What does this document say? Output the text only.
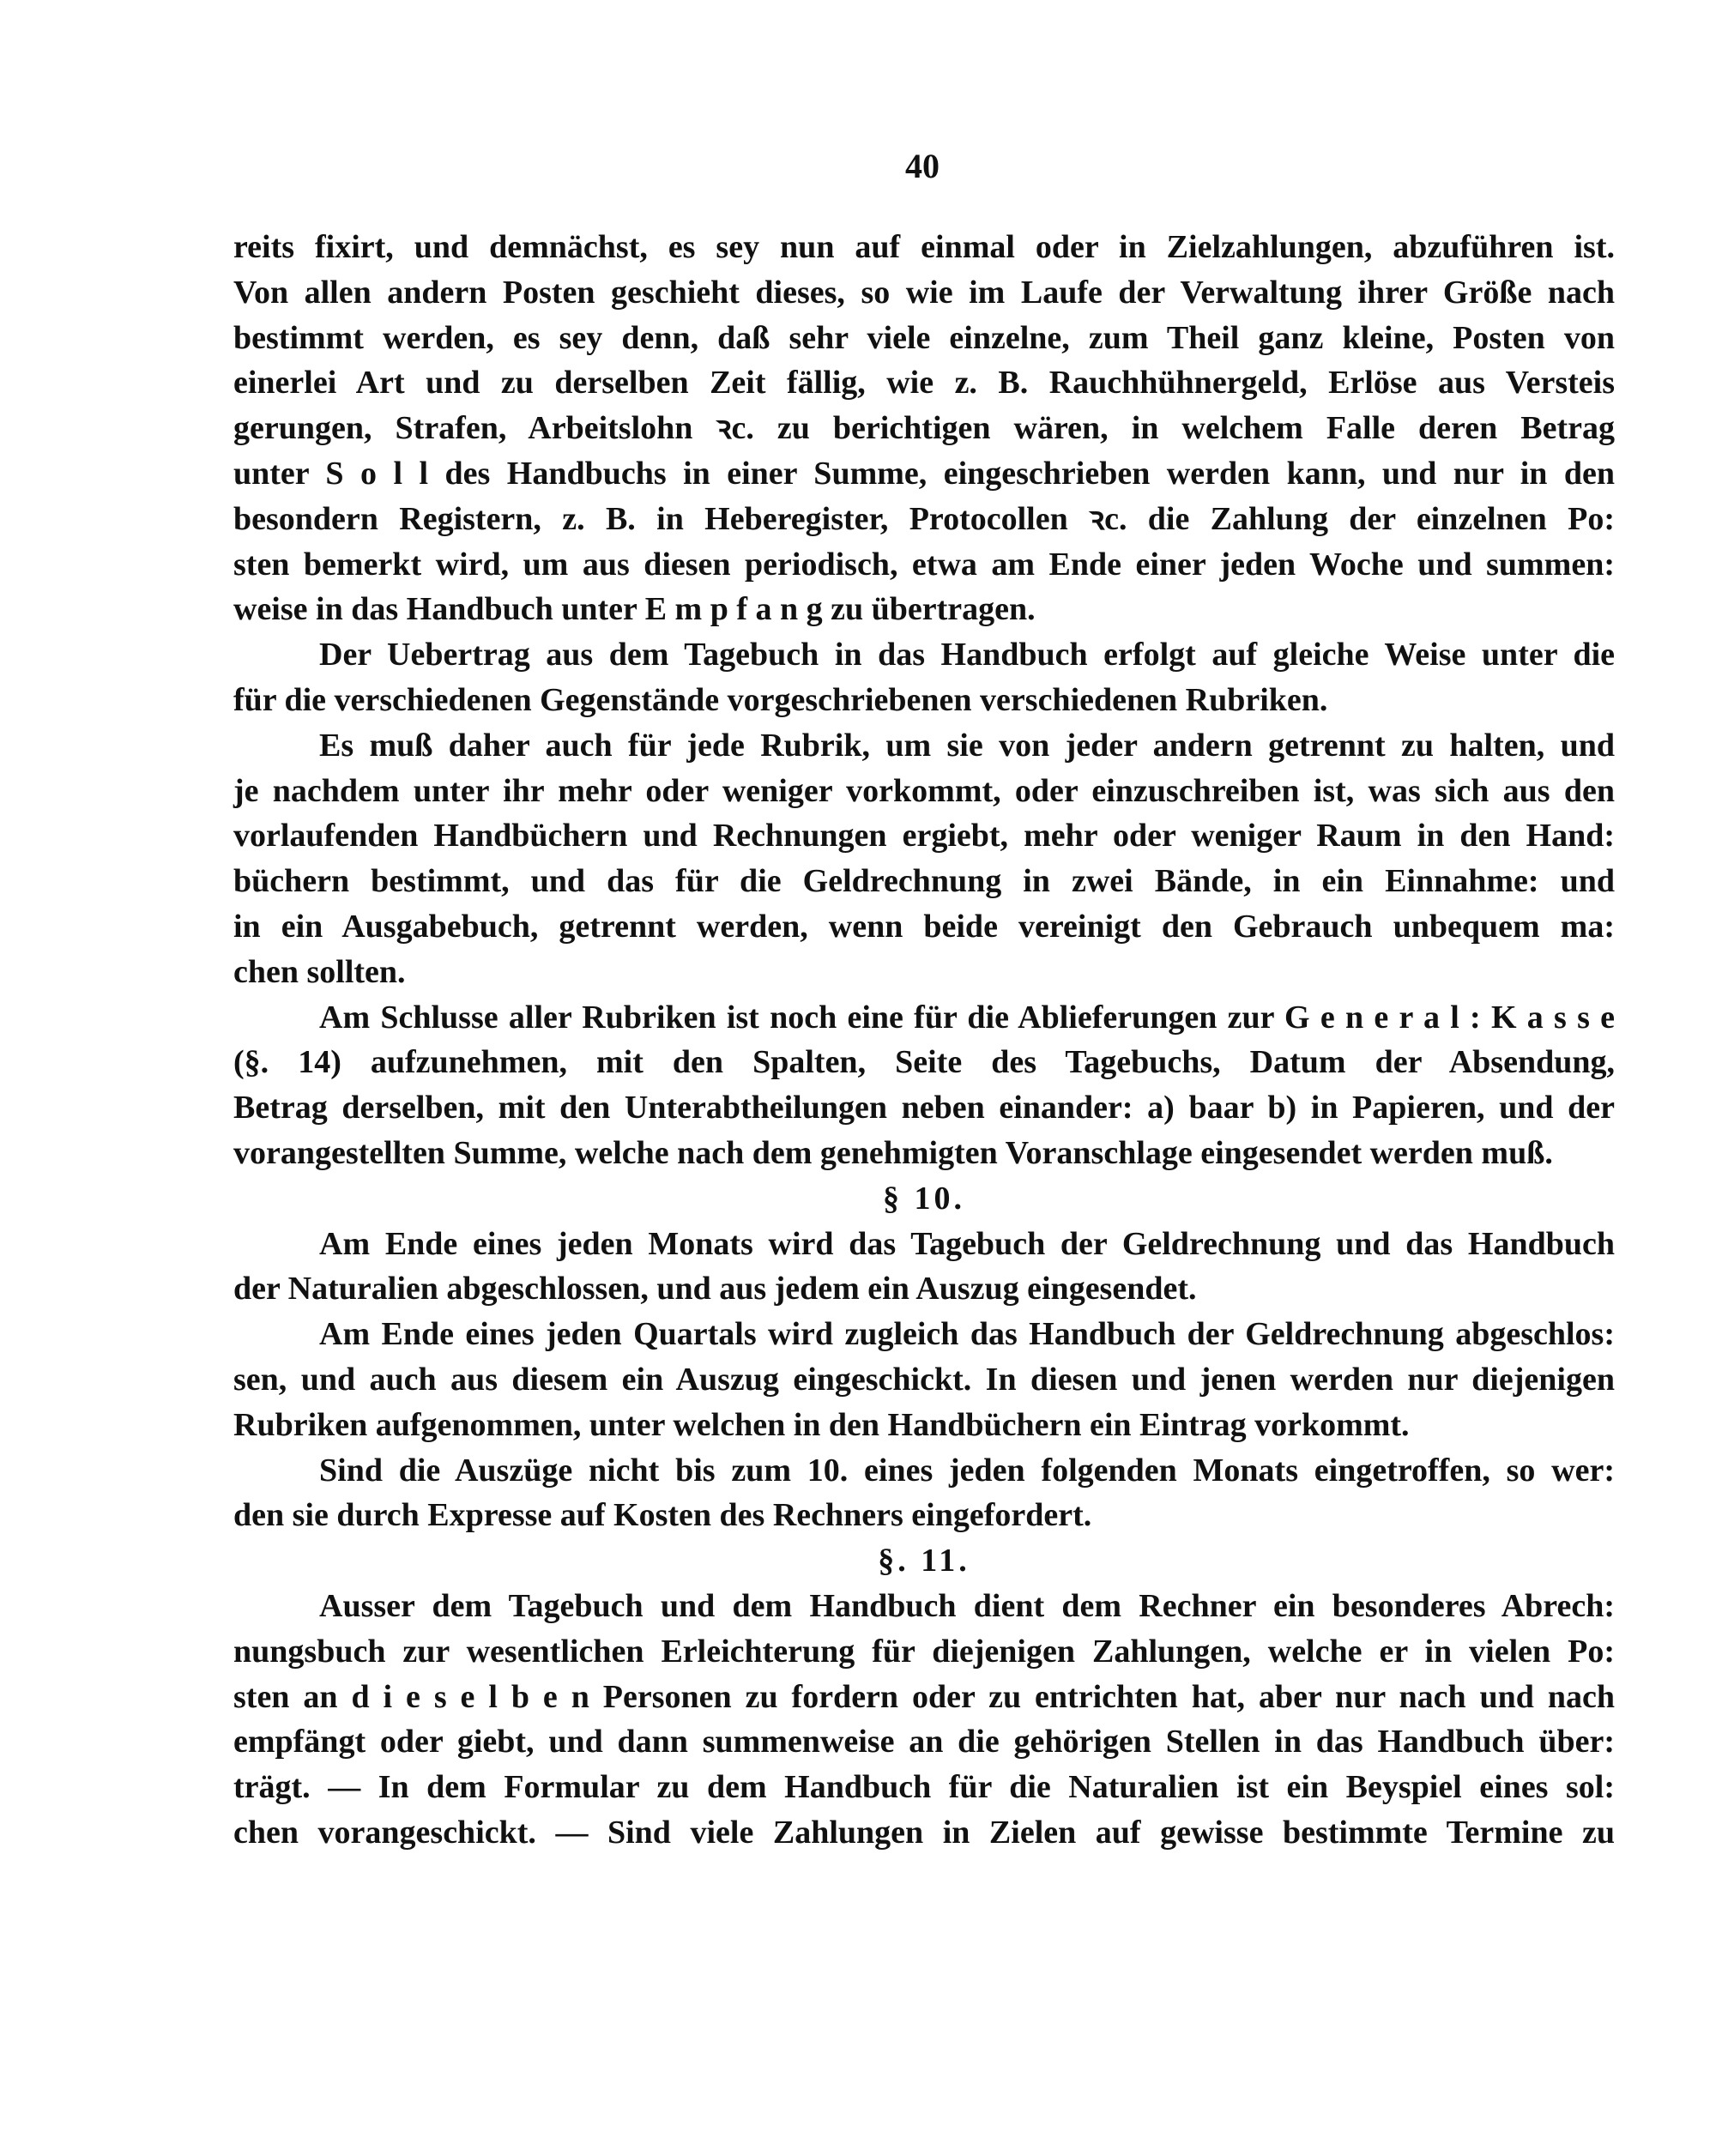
40
reits fixirt, und demnächst, es sey nun auf einmal oder in Zielzahlungen, abzuführen ist.
Von allen andern Posten geschieht dieses, so wie im Laufe der Verwaltung ihrer Größe nach
bestimmt werden, es sey denn, daß sehr viele einzelne, zum Theil ganz kleine, Posten von
einerlei Art und zu derselben Zeit fällig, wie z. B. Rauchhühnergeld, Erlöse aus Versteis
gerungen, Strafen, Arbeitslohn ꝛc. zu berichtigen wären, in welchem Falle deren Betrag
unter S o l l des Handbuchs in einer Summe, eingeschrieben werden kann, und nur in den
besondern Registern, z. B. in Heberegister, Protocollen ꝛc. die Zahlung der einzelnen Po:
sten bemerkt wird, um aus diesen periodisch, etwa am Ende einer jeden Woche und summen:
weise in das Handbuch unter E m p f a n g zu übertragen.
Der Uebertrag aus dem Tagebuch in das Handbuch erfolgt auf gleiche Weise unter die
für die verschiedenen Gegenstände vorgeschriebenen verschiedenen Rubriken.
Es muß daher auch für jede Rubrik, um sie von jeder andern getrennt zu halten, und
je nachdem unter ihr mehr oder weniger vorkommt, oder einzuschreiben ist, was sich aus den
vorlaufenden Handbüchern und Rechnungen ergiebt, mehr oder weniger Raum in den Hand:
büchern bestimmt, und das für die Geldrechnung in zwei Bände, in ein Einnahme: und
in ein Ausgabebuch, getrennt werden, wenn beide vereinigt den Gebrauch unbequem ma:
chen sollten.
Am Schlusse aller Rubriken ist noch eine für die Ablieferungen zur G e n e r a l : K a s s e
(§. 14) aufzunehmen, mit den Spalten, Seite des Tagebuchs, Datum der Absendung,
Betrag derselben, mit den Unterabtheilungen neben einander: a) baar b) in Papieren, und der
vorangestellten Summe, welche nach dem genehmigten Voranschlage eingesendet werden muß.
§ 10.
Am Ende eines jeden Monats wird das Tagebuch der Geldrechnung und das Handbuch
der Naturalien abgeschlossen, und aus jedem ein Auszug eingesendet.
Am Ende eines jeden Quartals wird zugleich das Handbuch der Geldrechnung abgeschlos:
sen, und auch aus diesem ein Auszug eingeschickt. In diesen und jenen werden nur diejenigen
Rubriken aufgenommen, unter welchen in den Handbüchern ein Eintrag vorkommt.
Sind die Auszüge nicht bis zum 10. eines jeden folgenden Monats eingetroffen, so wer:
den sie durch Expresse auf Kosten des Rechners eingefordert.
§. 11.
Ausser dem Tagebuch und dem Handbuch dient dem Rechner ein besonderes Abrech:
nungsbuch zur wesentlichen Erleichterung für diejenigen Zahlungen, welche er in vielen Po:
sten an d i e s e l b e n Personen zu fordern oder zu entrichten hat, aber nur nach und nach
empfängt oder giebt, und dann summenweise an die gehörigen Stellen in das Handbuch über:
trägt. — In dem Formular zu dem Handbuch für die Naturalien ist ein Beyspiel eines sol:
chen vorangeschickt. — Sind viele Zahlungen in Zielen auf gewisse bestimmte Termine zu
